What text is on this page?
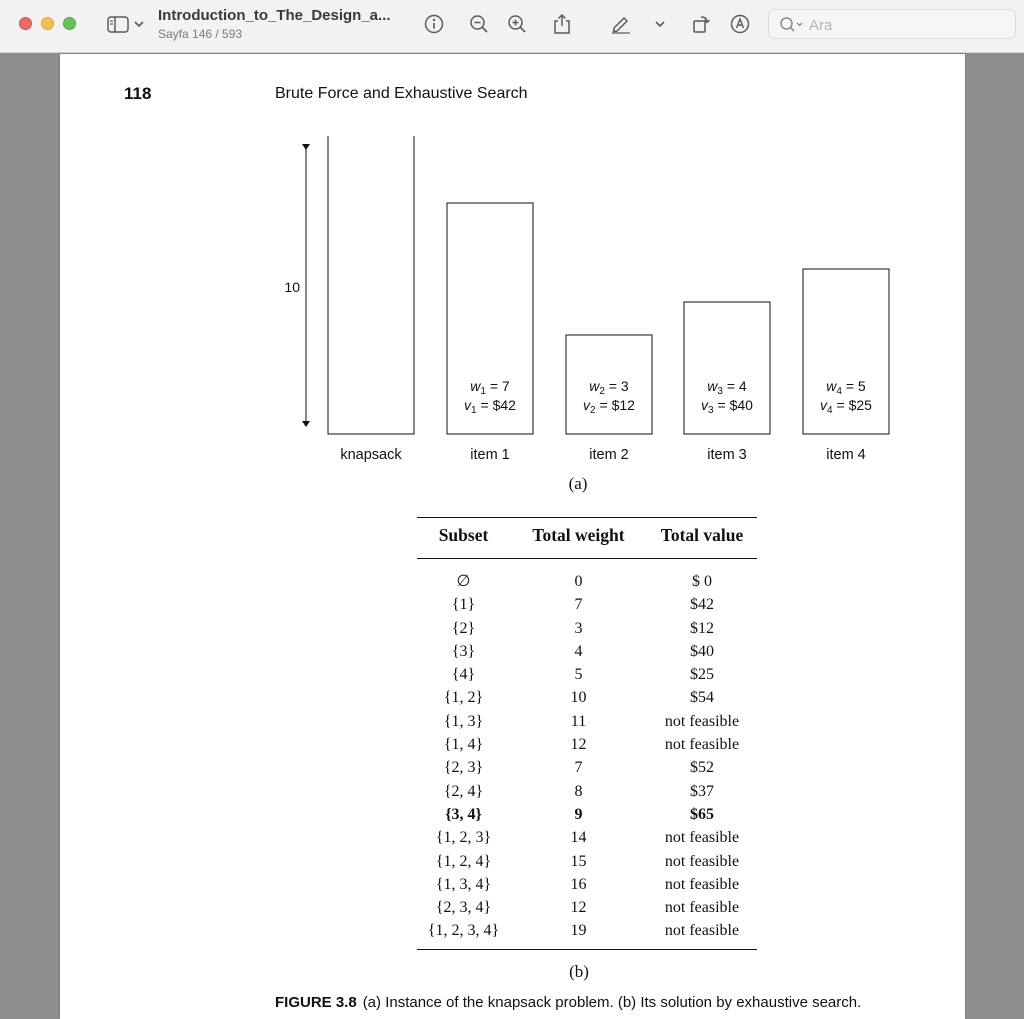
Introduction_to_The_Design_a...
Sayfa 146 / 593
Ara
118	Brute Force and Exhaustive Search
10
knapsack
$w_1 = 7$
$v_1$ = $42
item 1
$w_2 = 3$
$v_2$ = $12
item 2
$w_3 = 4$
$v_3$ = $40
item 3
$w_4 = 5$
$v_4$ = $25
item 4
(a)
Subset	Total weight	Total value
∅	0	$ 0
{1}	7	$42
{2}	3	$12
{3}	4	$40
{4}	5	$25
{1, 2}	10	$54
{1, 3}	11	not feasible
{1, 4}	12	not feasible
{2, 3}	7	$52
{2, 4}	8	$37
{3, 4}	9	$65
{1, 2, 3}	14	not feasible
{1, 2, 4}	15	not feasible
{1, 3, 4}	16	not feasible
{2, 3, 4}	12	not feasible
{1, 2, 3, 4}	19	not feasible
(b)
FIGURE 3.8 (a) Instance of the knapsack problem. (b) Its solution by exhaustive search.
